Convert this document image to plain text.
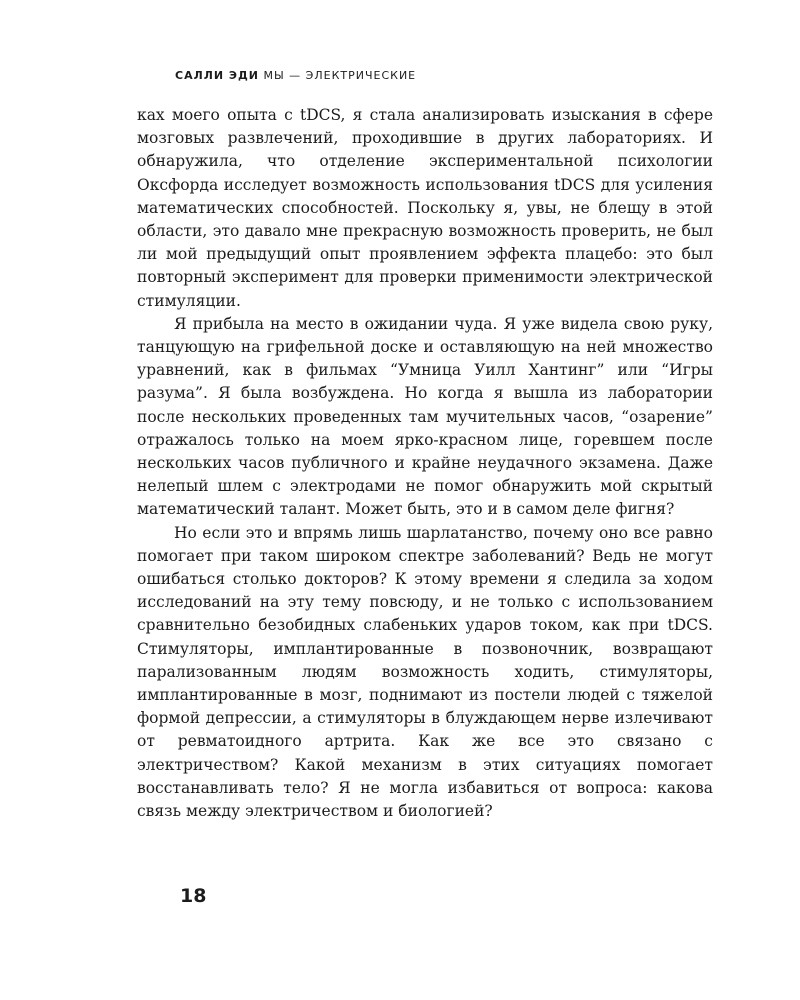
САЛЛИ ЭДИ МЫ — ЭЛЕКТРИЧЕСКИЕ

ках моего опыта с tDCS, я стала анализировать изыскания в сфере мозговых развлечений, проходившие в других лабораториях. И обнаружила, что отделение экспериментальной психологии Оксфорда исследует возможность использования tDCS для усиления математических способностей. Поскольку я, увы, не блещу в этой области, это давало мне прекрасную возможность проверить, не был ли мой предыдущий опыт проявлением эффекта плацебо: это был повторный эксперимент для проверки применимости электрической стимуляции.

Я прибыла на место в ожидании чуда. Я уже видела свою руку, танцующую на грифельной доске и оставляющую на ней множество уравнений, как в фильмах “Умница Уилл Хантинг” или “Игры разума”. Я была возбуждена. Но когда я вышла из лаборатории после нескольких проведенных там мучительных часов, “озарение” отражалось только на моем ярко-красном лице, горевшем после нескольких часов публичного и крайне неудачного экзамена. Даже нелепый шлем с электродами не помог обнаружить мой скрытый математический талант. Может быть, это и в самом деле фигня?

Но если это и впрямь лишь шарлатанство, почему оно все равно помогает при таком широком спектре заболеваний? Ведь не могут ошибаться столько докторов? К этому времени я следила за ходом исследований на эту тему повсюду, и не только с использованием сравнительно безобидных слабеньких ударов током, как при tDCS. Стимуляторы, имплантированные в позвоночник, возвращают парализованным людям возможность ходить, стимуляторы, имплантированные в мозг, поднимают из постели людей с тяжелой формой депрессии, а стимуляторы в блуждающем нерве излечивают от ревматоидного артрита. Как же все это связано с электричеством? Какой механизм в этих ситуациях помогает восстанавливать тело? Я не могла избавиться от вопроса: какова связь между электричеством и биологией?

18
